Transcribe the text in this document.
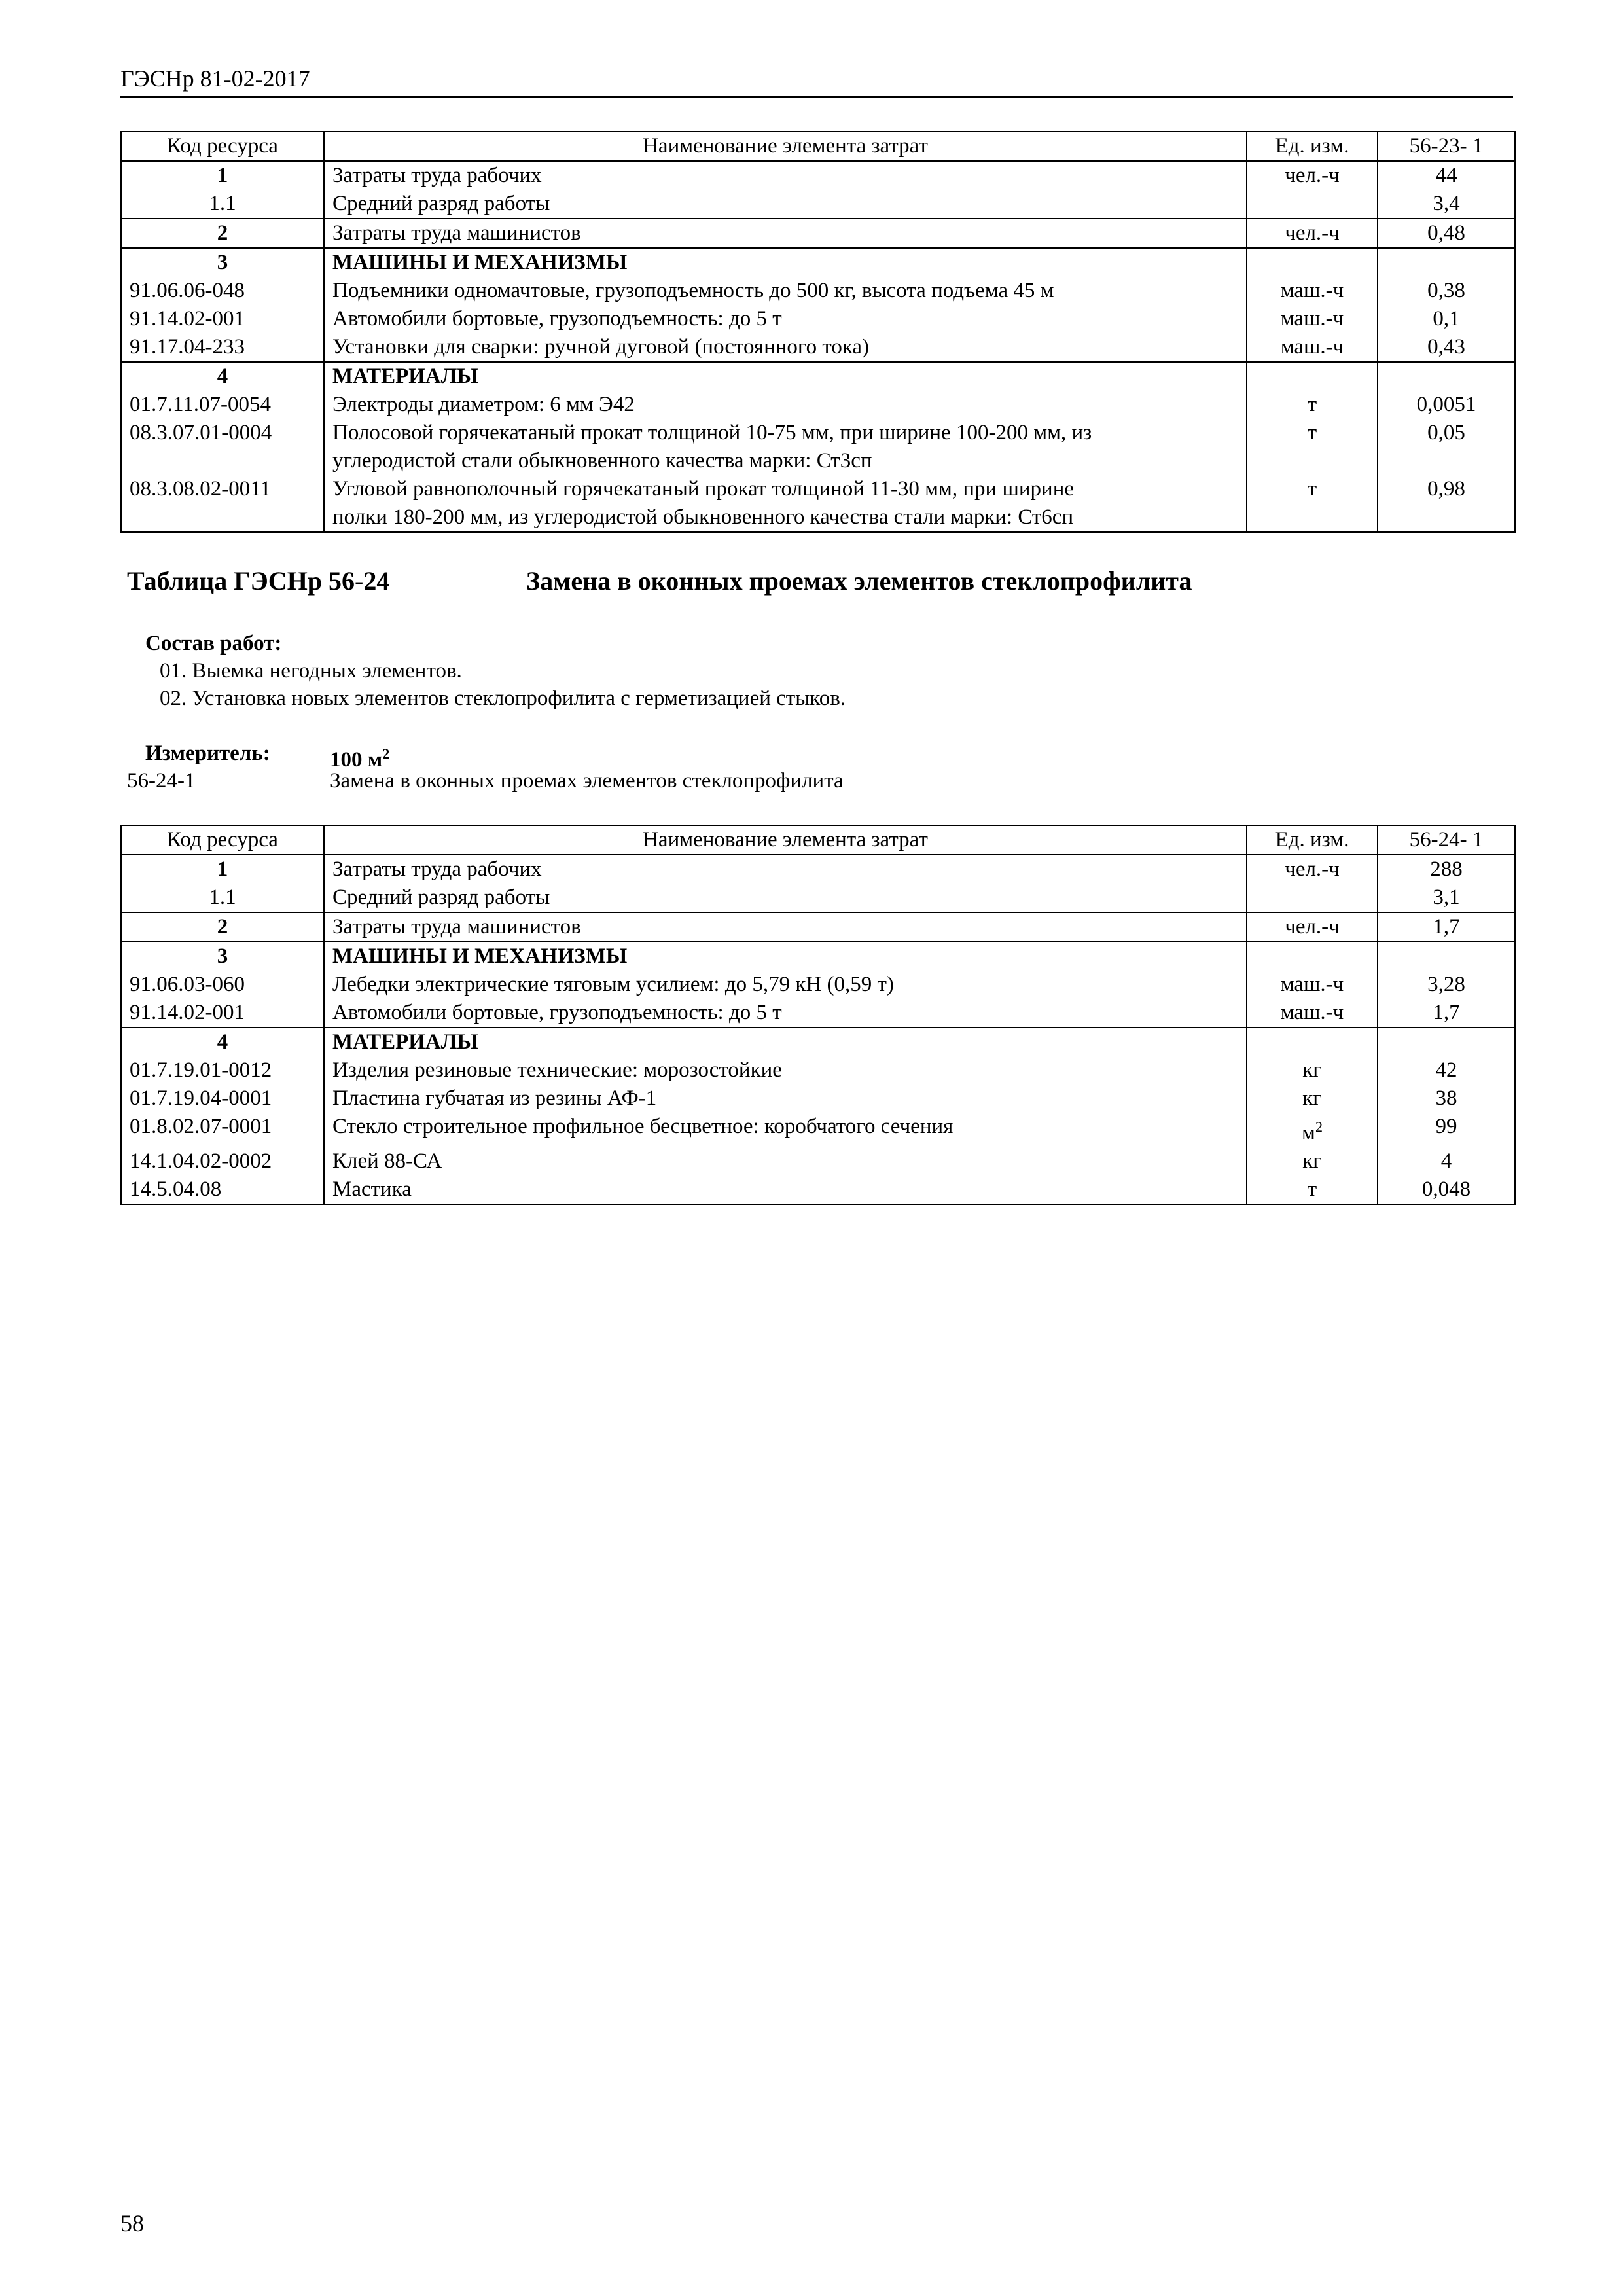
ГЭСНр 81-02-2017
Код ресурса	Наименование элемента затрат	Ед. изм.	56-23- 1
1	Затраты труда рабочих	чел.-ч	44
1.1	Средний разряд работы		3,4
2	Затраты труда машинистов	чел.-ч	0,48
3	МАШИНЫ И МЕХАНИЗМЫ		
91.06.06-048	Подъемники одномачтовые, грузоподъемность до 500 кг, высота подъема 45 м	маш.-ч	0,38
91.14.02-001	Автомобили бортовые, грузоподъемность: до 5 т	маш.-ч	0,1
91.17.04-233	Установки для сварки: ручной дуговой (постоянного тока)	маш.-ч	0,43
4	МАТЕРИАЛЫ		
01.7.11.07-0054	Электроды диаметром: 6 мм Э42	т	0,0051
08.3.07.01-0004	Полосовой горячекатаный прокат толщиной 10-75 мм, при ширине 100-200 мм, из	т	0,05
	углеродистой стали обыкновенного качества марки: Ст3сп		
08.3.08.02-0011	Угловой равнополочный горячекатаный прокат толщиной 11-30 мм, при ширине	т	0,98
	полки 180-200 мм, из углеродистой обыкновенного качества стали марки: Ст6сп		
Таблица ГЭСНр 56-24	Замена в оконных проемах элементов стеклопрофилита
Состав работ:
01. Выемка негодных элементов.
02. Установка новых элементов стеклопрофилита с герметизацией стыков.
Измеритель:	100 $м^2$
56-24-1	Замена в оконных проемах элементов стеклопрофилита
Код ресурса	Наименование элемента затрат	Ед. изм.	56-24- 1
1	Затраты труда рабочих	чел.-ч	288
1.1	Средний разряд работы		3,1
2	Затраты труда машинистов	чел.-ч	1,7
3	МАШИНЫ И МЕХАНИЗМЫ		
91.06.03-060	Лебедки электрические тяговым усилием: до 5,79 кН (0,59 т)	маш.-ч	3,28
91.14.02-001	Автомобили бортовые, грузоподъемность: до 5 т	маш.-ч	1,7
4	МАТЕРИАЛЫ		
01.7.19.01-0012	Изделия резиновые технические: морозостойкие	кг	42
01.7.19.04-0001	Пластина губчатая из резины АФ-1	кг	38
01.8.02.07-0001	Стекло строительное профильное бесцветное: коробчатого сечения	$м^2$	99
14.1.04.02-0002	Клей 88-СА	кг	4
14.5.04.08	Мастика	т	0,048
58
